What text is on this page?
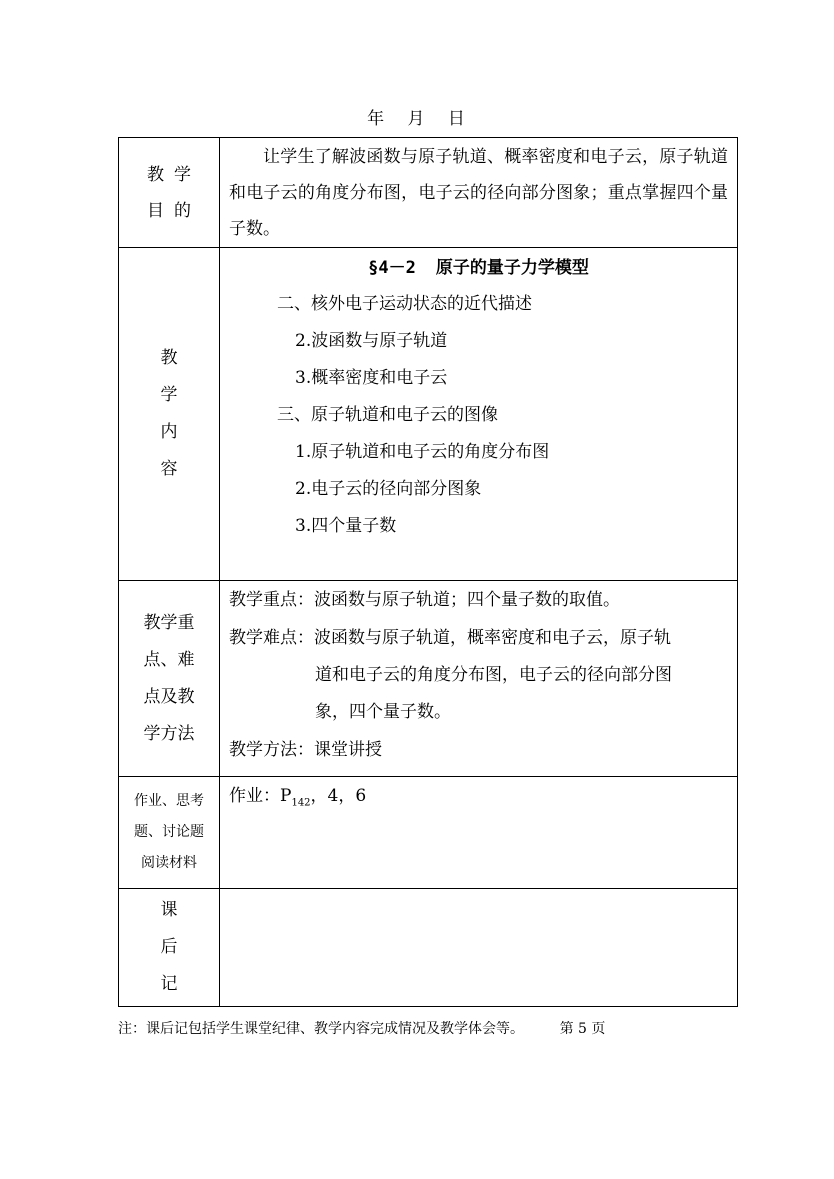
年 月 日
教学
目的
让学生了解波函数与原子轨道、概率密度和电子云，原子轨道和电子云的角度分布图，电子云的径向部分图象；重点掌握四个量子数。
教
学
内
容
§4－2 原子的量子力学模型
二、核外电子运动状态的近代描述
2.波函数与原子轨道
3.概率密度和电子云
三、原子轨道和电子云的图像
1.原子轨道和电子云的角度分布图
2.电子云的径向部分图象
3.四个量子数
教学重
点、难
点及教
学方法
教学重点：波函数与原子轨道；四个量子数的取值。
教学难点：波函数与原子轨道，概率密度和电子云，原子轨
道和电子云的角度分布图，电子云的径向部分图
象，四个量子数。
教学方法：课堂讲授
作业、思考
题、讨论题
阅读材料
作业：$P_{142}$，4，6
课
后
记
注：课后记包括学生课堂纪律、教学内容完成情况及教学体会等。	第 5 页
